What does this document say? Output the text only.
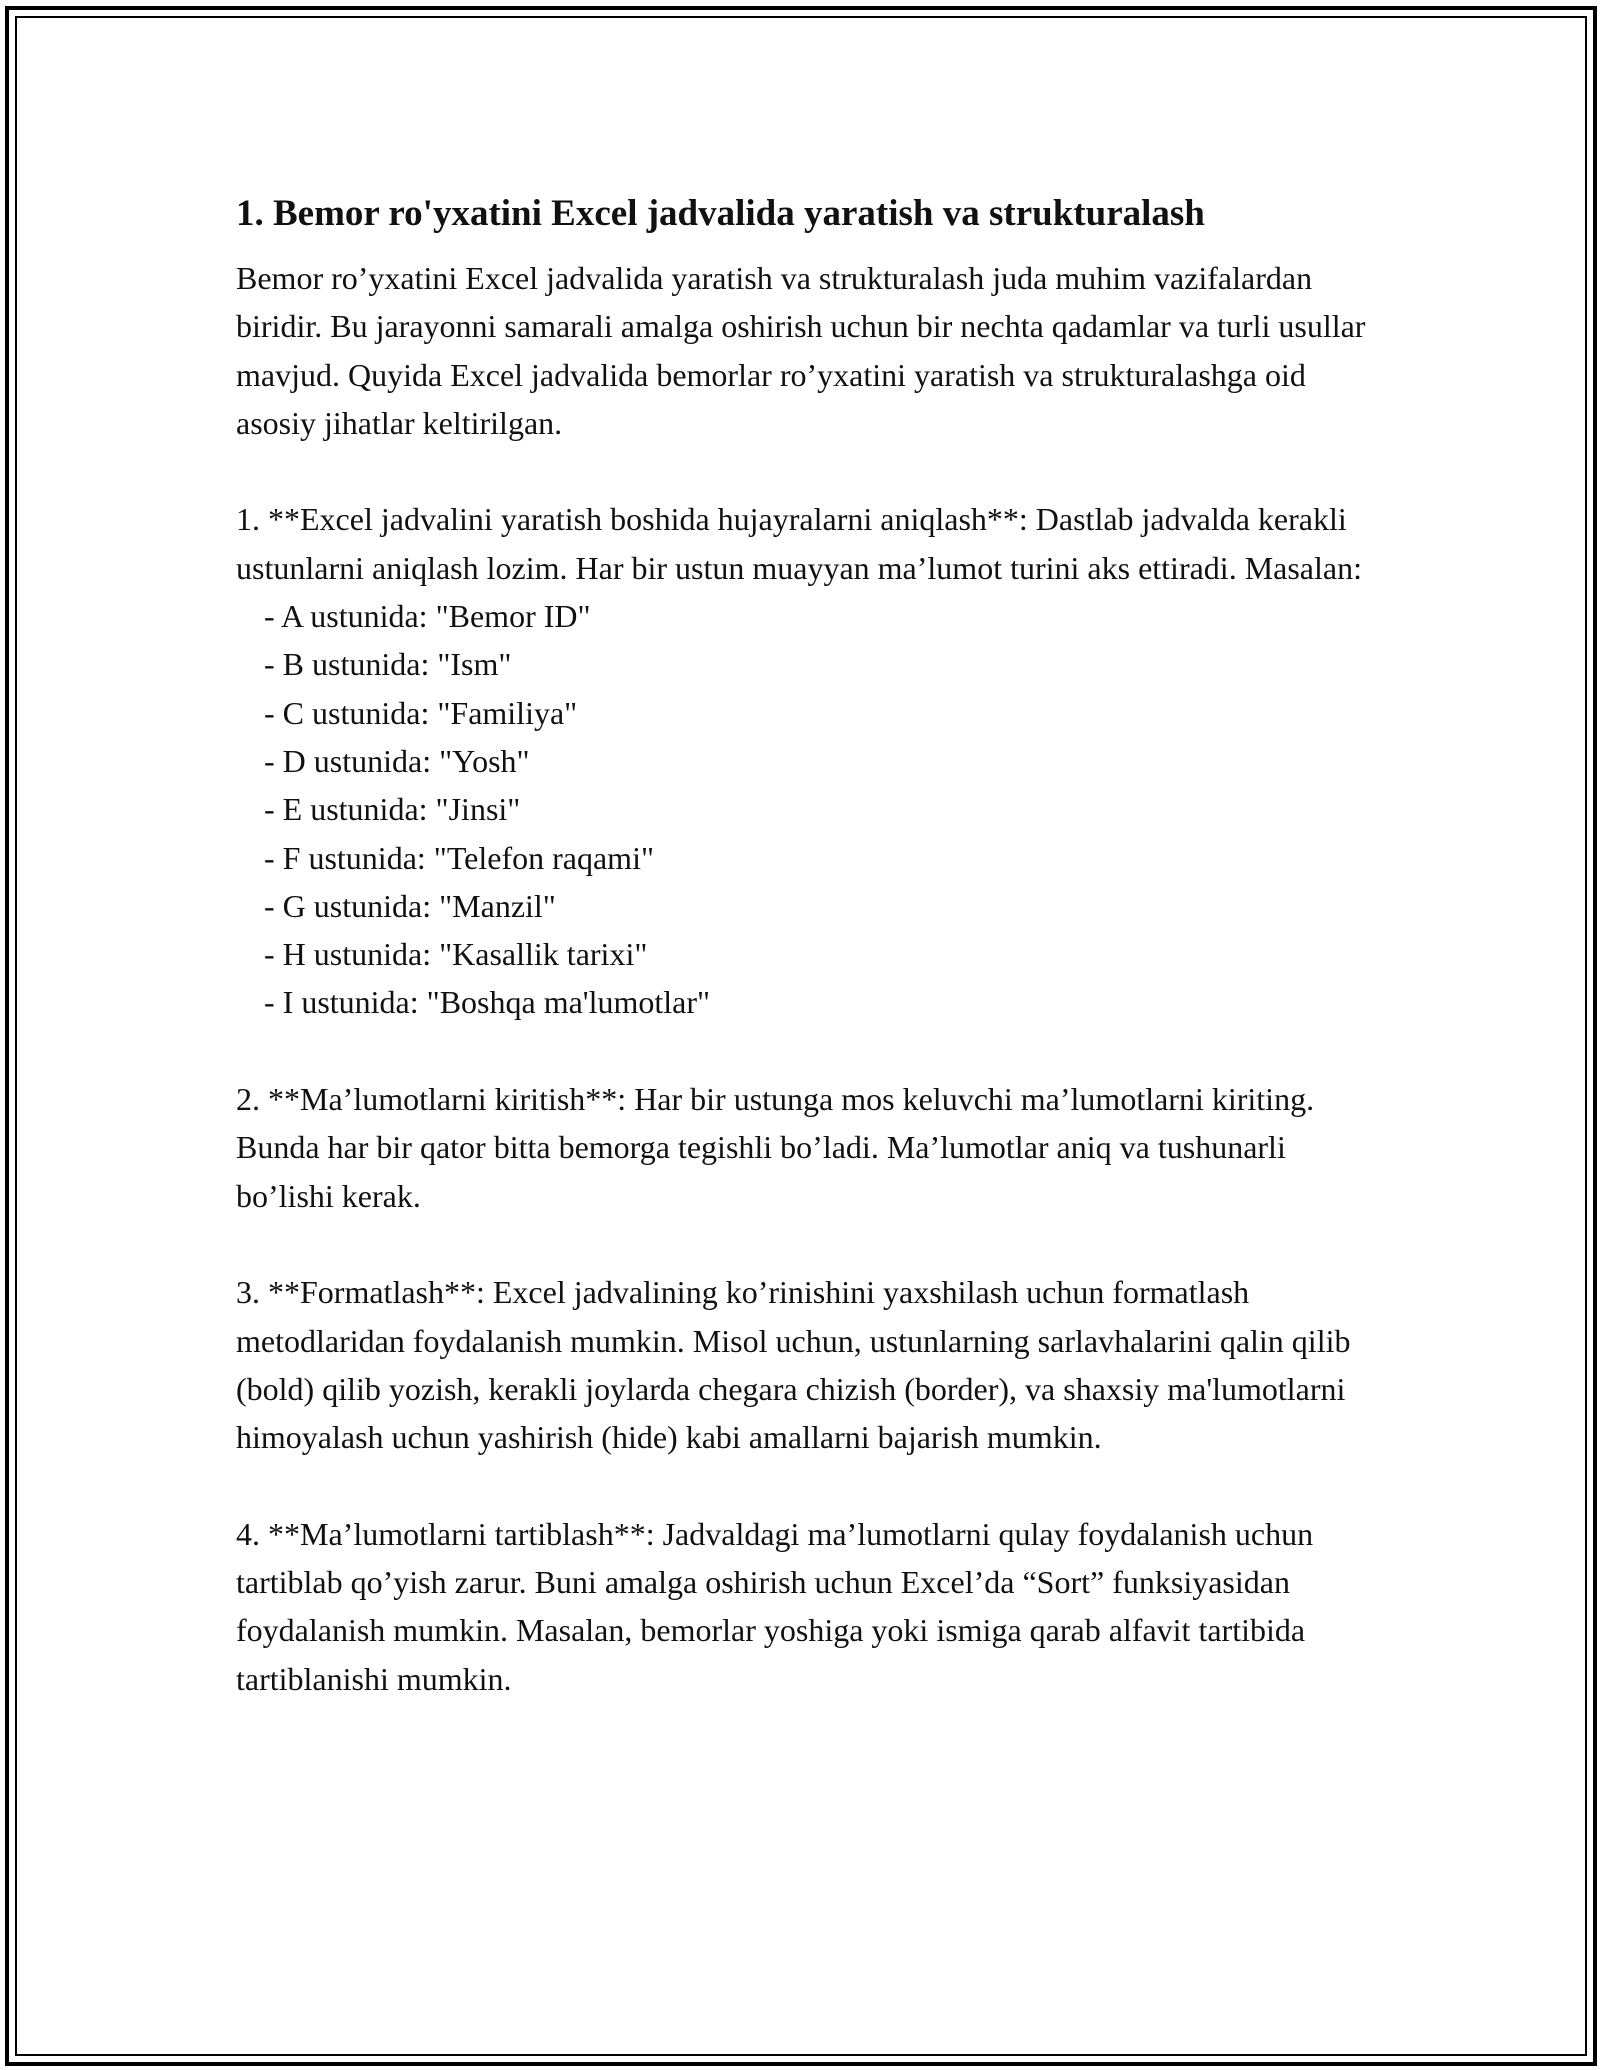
1. Bemor ro'yxatini Excel jadvalida yaratish va strukturalash

Bemor ro’yxatini Excel jadvalida yaratish va strukturalash juda muhim vazifalardan biridir. Bu jarayonni samarali amalga oshirish uchun bir nechta qadamlar va turli usullar mavjud. Quyida Excel jadvalida bemorlar ro’yxatini yaratish va strukturalashga oid asosiy jihatlar keltirilgan.

1. **Excel jadvalini yaratish boshida hujayralarni aniqlash**: Dastlab jadvalda kerakli ustunlarni aniqlash lozim. Har bir ustun muayyan ma’lumot turini aks ettiradi. Masalan:

- A ustunida: "Bemor ID"
- B ustunida: "Ism"
- C ustunida: "Familiya"
- D ustunida: "Yosh"
- E ustunida: "Jinsi"
- F ustunida: "Telefon raqami"
- G ustunida: "Manzil"
- H ustunida: "Kasallik tarixi"
- I ustunida: "Boshqa ma'lumotlar"

2. **Ma’lumotlarni kiritish**: Har bir ustunga mos keluvchi ma’lumotlarni kiriting. Bunda har bir qator bitta bemorga tegishli bo’ladi. Ma’lumotlar aniq va tushunarli bo’lishi kerak.

3. **Formatlash**: Excel jadvalining ko’rinishini yaxshilash uchun formatlash metodlaridan foydalanish mumkin. Misol uchun, ustunlarning sarlavhalarini qalin qilib (bold) qilib yozish, kerakli joylarda chegara chizish (border), va shaxsiy ma'lumotlarni himoyalash uchun yashirish (hide) kabi amallarni bajarish mumkin.

4. **Ma’lumotlarni tartiblash**: Jadvaldagi ma’lumotlarni qulay foydalanish uchun tartiblab qo’yish zarur. Buni amalga oshirish uchun Excel’da “Sort” funksiyasidan foydalanish mumkin. Masalan, bemorlar yoshiga yoki ismiga qarab alfavit tartibida tartiblanishi mumkin.
